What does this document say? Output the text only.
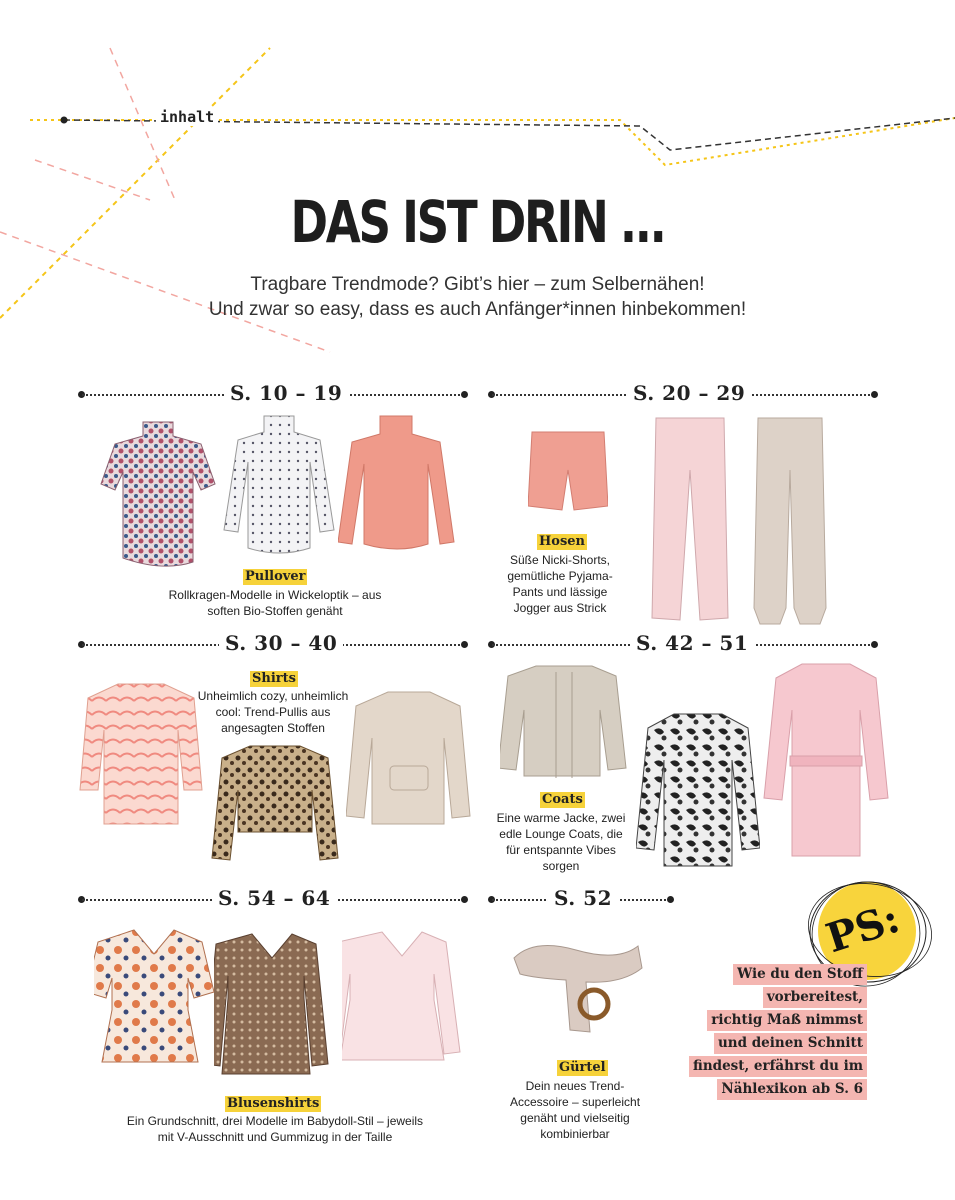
inhalt
DAS IST DRIN ...
Tragbare Trendmode? Gibt’s hier – zum Selbernähen!
Und zwar so easy, dass es auch Anfänger*innen hinbekommen!
S. 10 – 19
Pullover
Rollkragen-Modelle in Wickeloptik – aus
soften Bio-Stoffen genäht
S. 20 – 29
Hosen
Süße Nicki-Shorts,
gemütliche Pyjama-
Pants und lässige
Jogger aus Strick
S. 30 – 40
Shirts
Unheimlich cozy, unheimlich
cool: Trend-Pullis aus
angesagten Stoffen
S. 42 – 51
Coats
Eine warme Jacke, zwei
edle Lounge Coats, die
für entspannte Vibes
sorgen
S. 54 – 64
Blusenshirts
Ein Grundschnitt, drei Modelle im Babydoll-Stil – jeweils
mit V-Ausschnitt und Gummizug in der Taille
S. 52
Gürtel
Dein neues Trend-
Accessoire – superleicht
genäht und vielseitig
kombinierbar
PS:
Wie du den Stoff
vorbereitest,
richtig Maß nimmst
und deinen Schnitt
findest, erfährst du im
Nählexikon ab S. 6
